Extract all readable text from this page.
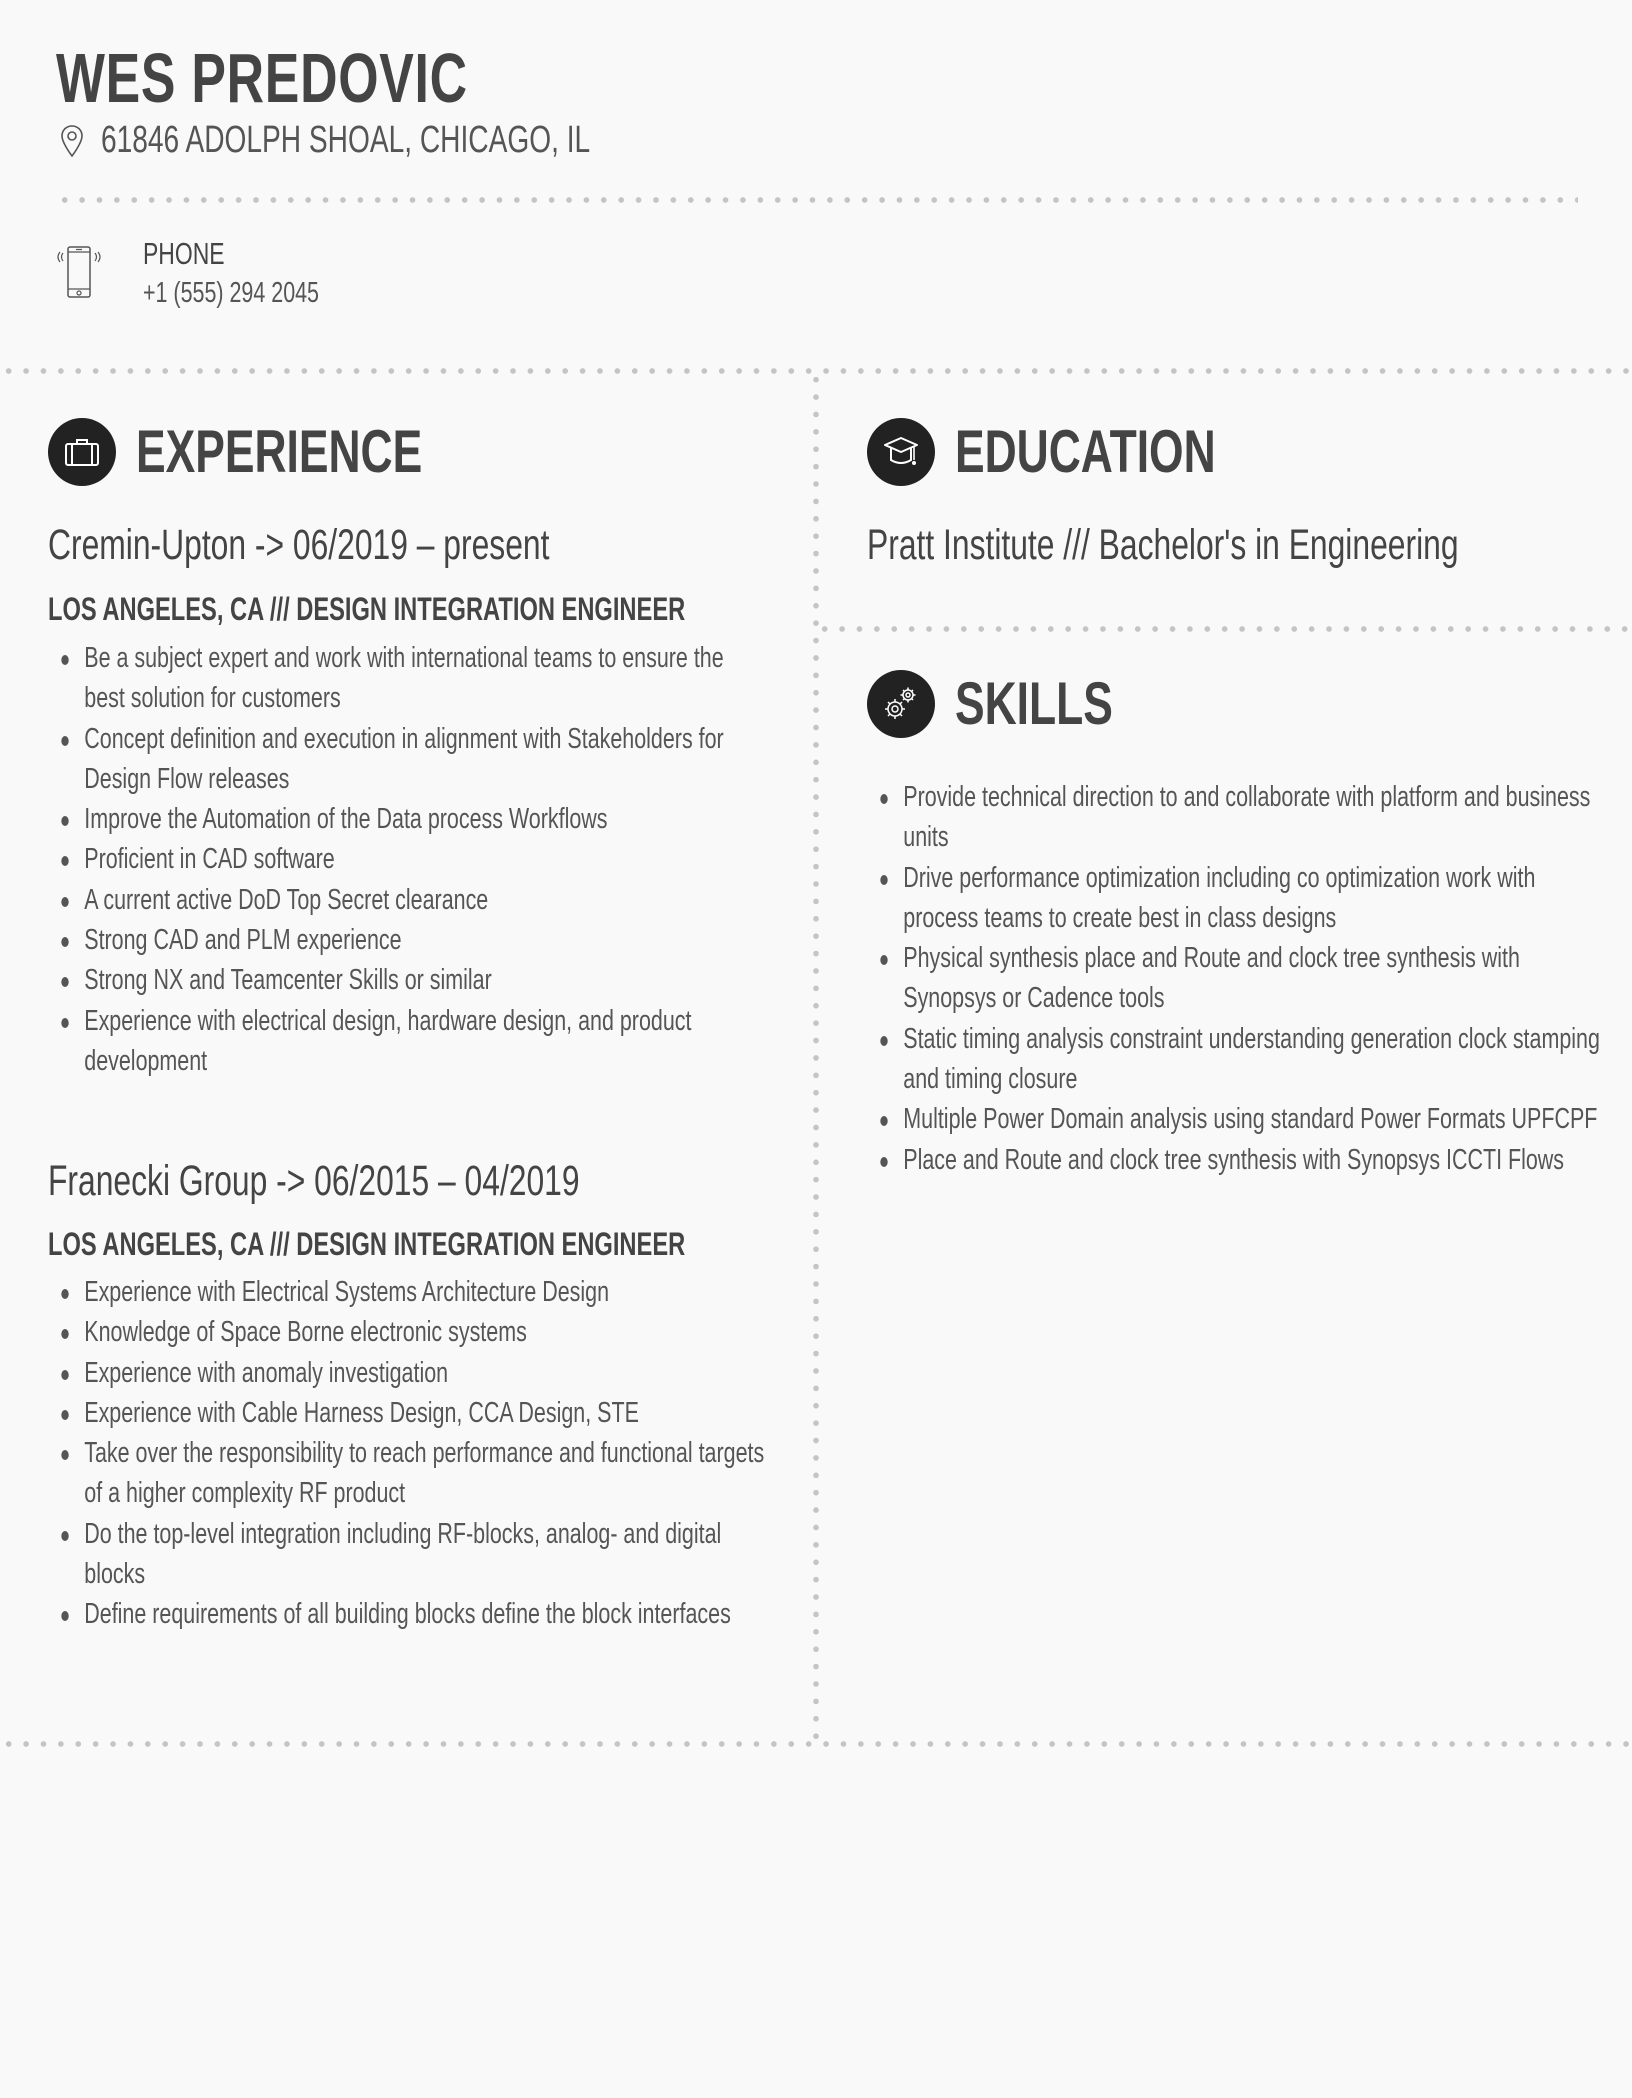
WES PREDOVIC
61846 ADOLPH SHOAL, CHICAGO, IL
PHONE
+1 (555) 294 2045
EXPERIENCE
Cremin-Upton -> 06/2019 – present
LOS ANGELES, CA /// DESIGN INTEGRATION ENGINEER
Be a subject expert and work with international teams to ensure the best solution for customers
Concept definition and execution in alignment with Stakeholders for Design Flow releases
Improve the Automation of the Data process Workflows
Proficient in CAD software
A current active DoD Top Secret clearance
Strong CAD and PLM experience
Strong NX and Teamcenter Skills or similar
Experience with electrical design, hardware design, and product development
Franecki Group -> 06/2015 – 04/2019
LOS ANGELES, CA /// DESIGN INTEGRATION ENGINEER
Experience with Electrical Systems Architecture Design
Knowledge of Space Borne electronic systems
Experience with anomaly investigation
Experience with Cable Harness Design, CCA Design, STE
Take over the responsibility to reach performance and functional targets of a higher complexity RF product
Do the top-level integration including RF-blocks, analog- and digital blocks
Define requirements of all building blocks define the block interfaces
EDUCATION
Pratt Institute /// Bachelor's in Engineering
SKILLS
Provide technical direction to and collaborate with platform and business units
Drive performance optimization including co optimization work with process teams to create best in class designs
Physical synthesis place and Route and clock tree synthesis with Synopsys or Cadence tools
Static timing analysis constraint understanding generation clock stamping and timing closure
Multiple Power Domain analysis using standard Power Formats UPFCPF
Place and Route and clock tree synthesis with Synopsys ICCTI Flows
